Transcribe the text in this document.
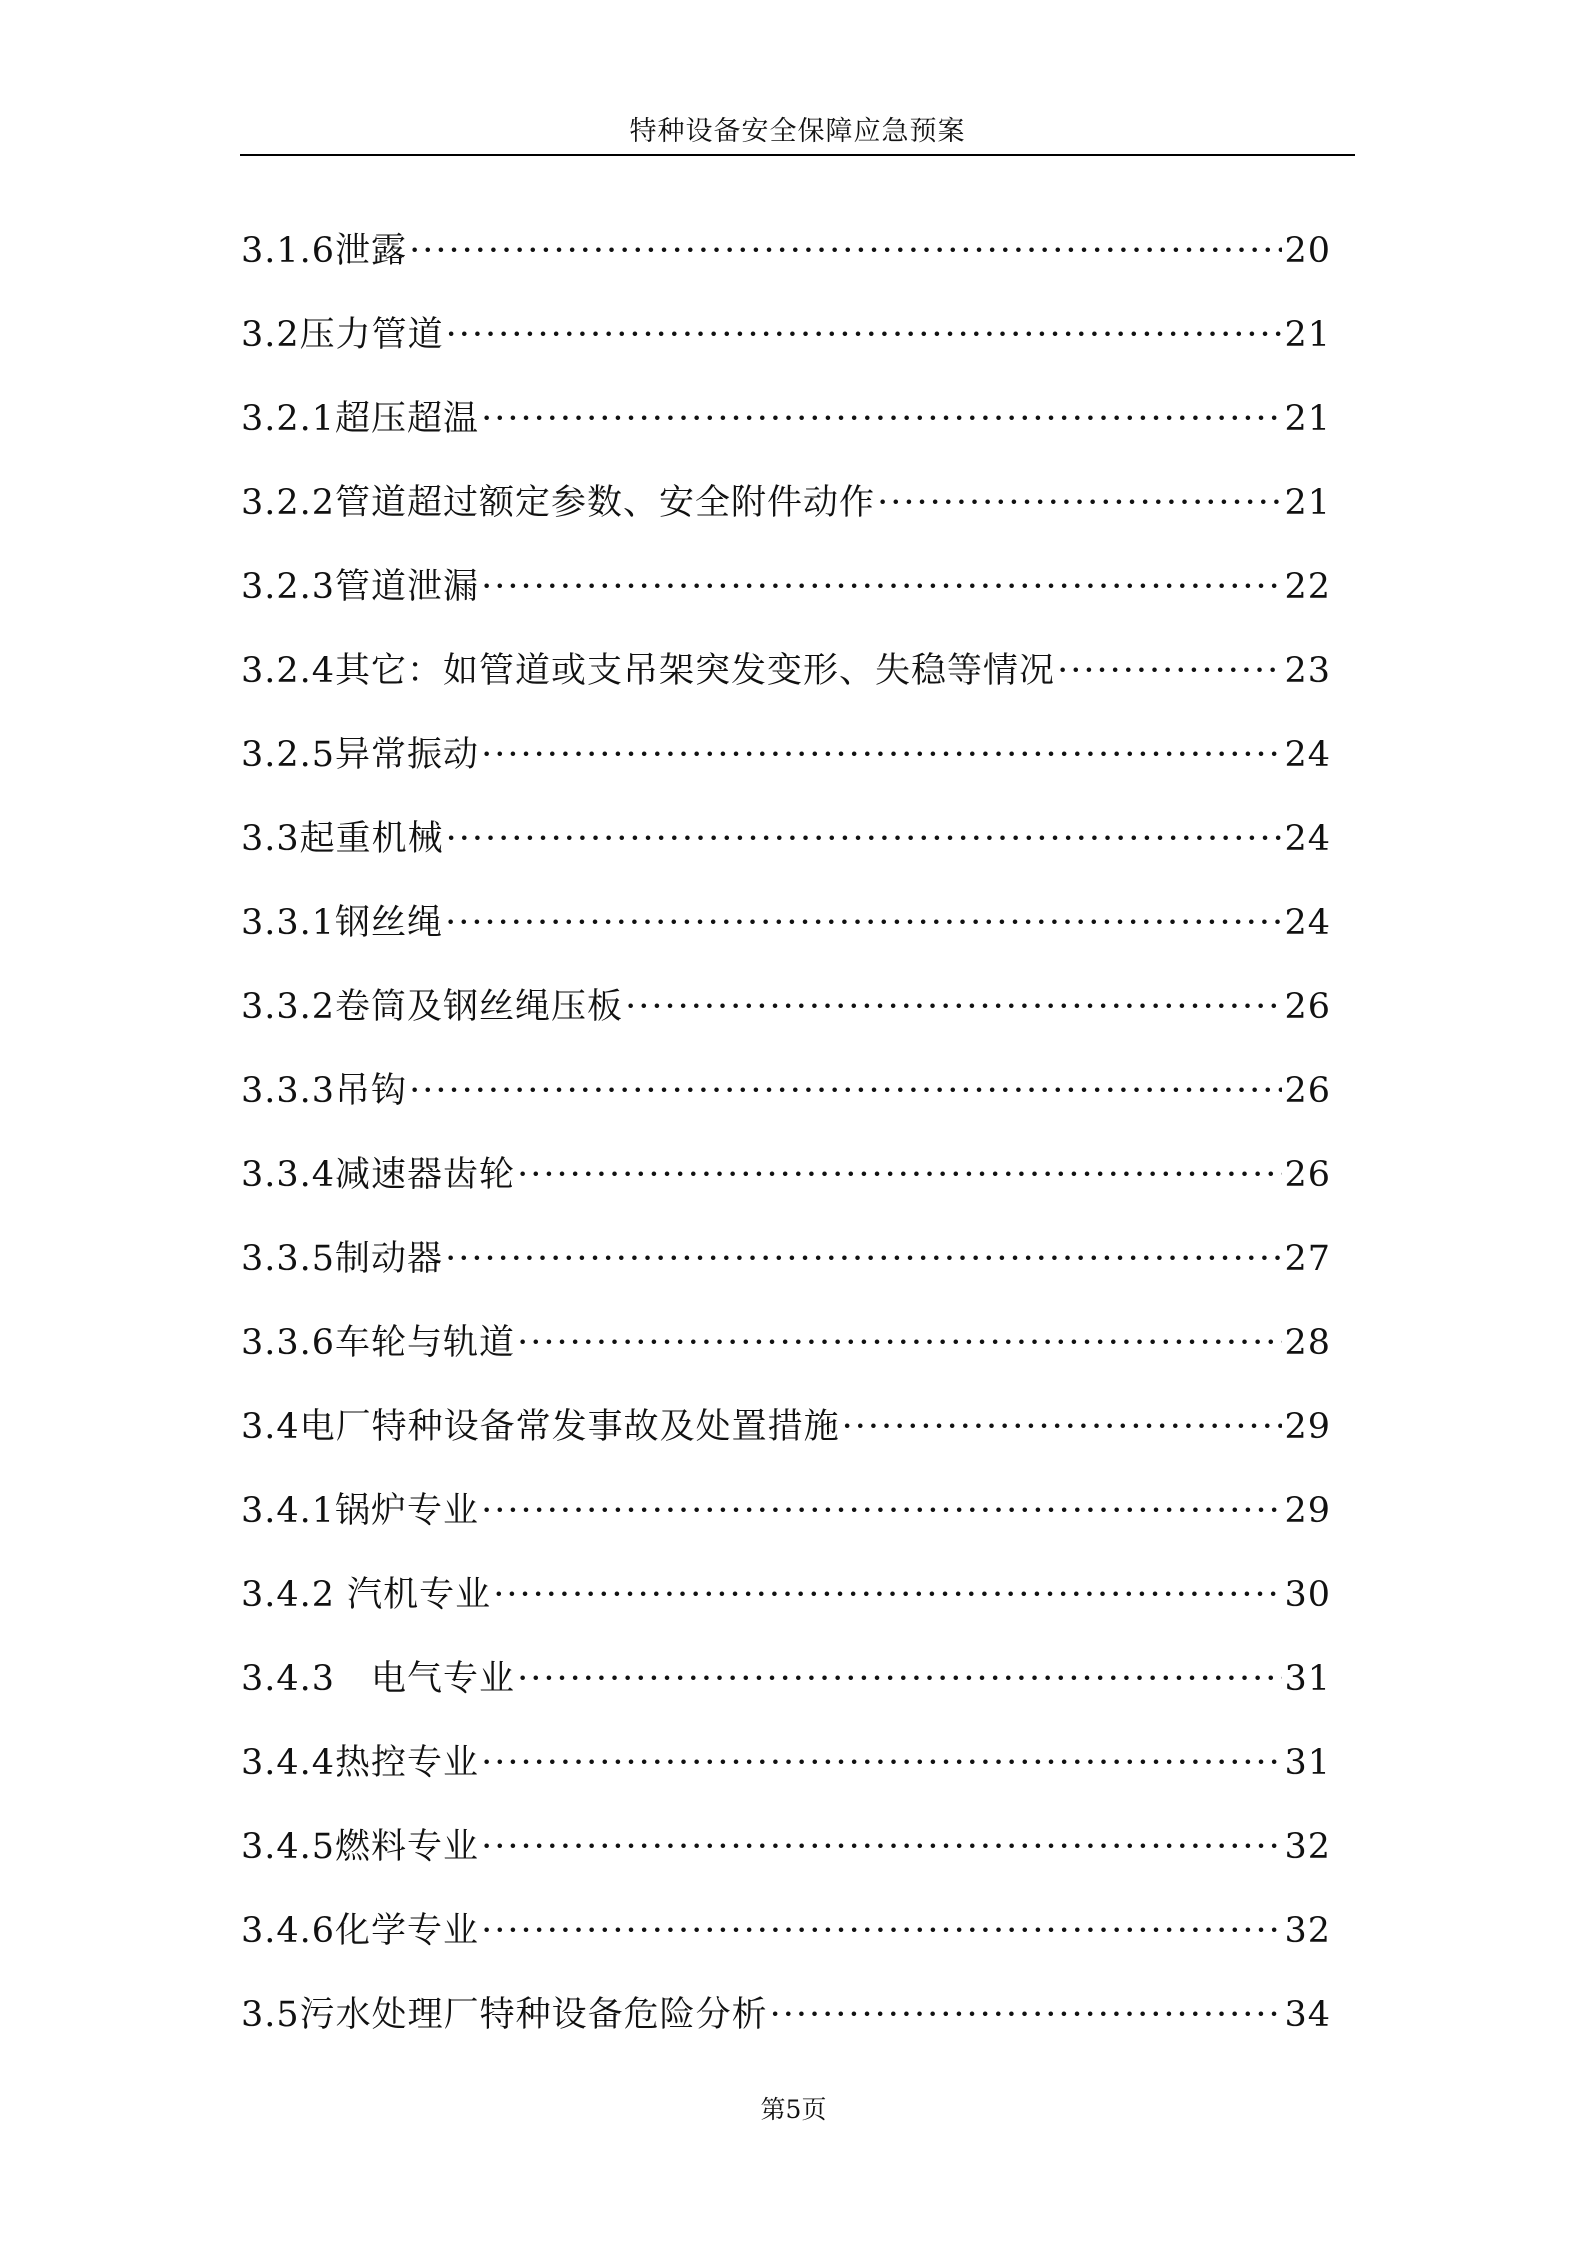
特种设备安全保障应急预案
3.1.6泄露 ·····	20
3.2压力管道 ·····	21
3.2.1超压超温 ·····	21
3.2.2管道超过额定参数、安全附件动作 ·····	21
3.2.3管道泄漏 ·····	22
3.2.4其它：如管道或支吊架突发变形、失稳等情况 ·····	23
3.2.5异常振动 ·····	24
3.3起重机械 ·····	24
3.3.1钢丝绳 ·····	24
3.3.2卷筒及钢丝绳压板 ·····	26
3.3.3吊钩 ·····	26
3.3.4减速器齿轮 ·····	26
3.3.5制动器 ·····	27
3.3.6车轮与轨道 ·····	28
3.4电厂特种设备常发事故及处置措施 ·····	29
3.4.1锅炉专业 ·····	29
3.4.2 汽机专业 ·····	30
3.4.3　电气专业 ·····	31
3.4.4热控专业 ·····	31
3.4.5燃料专业 ·····	32
3.4.6化学专业 ·····	32
3.5污水处理厂特种设备危险分析 ·····	34
第5页
